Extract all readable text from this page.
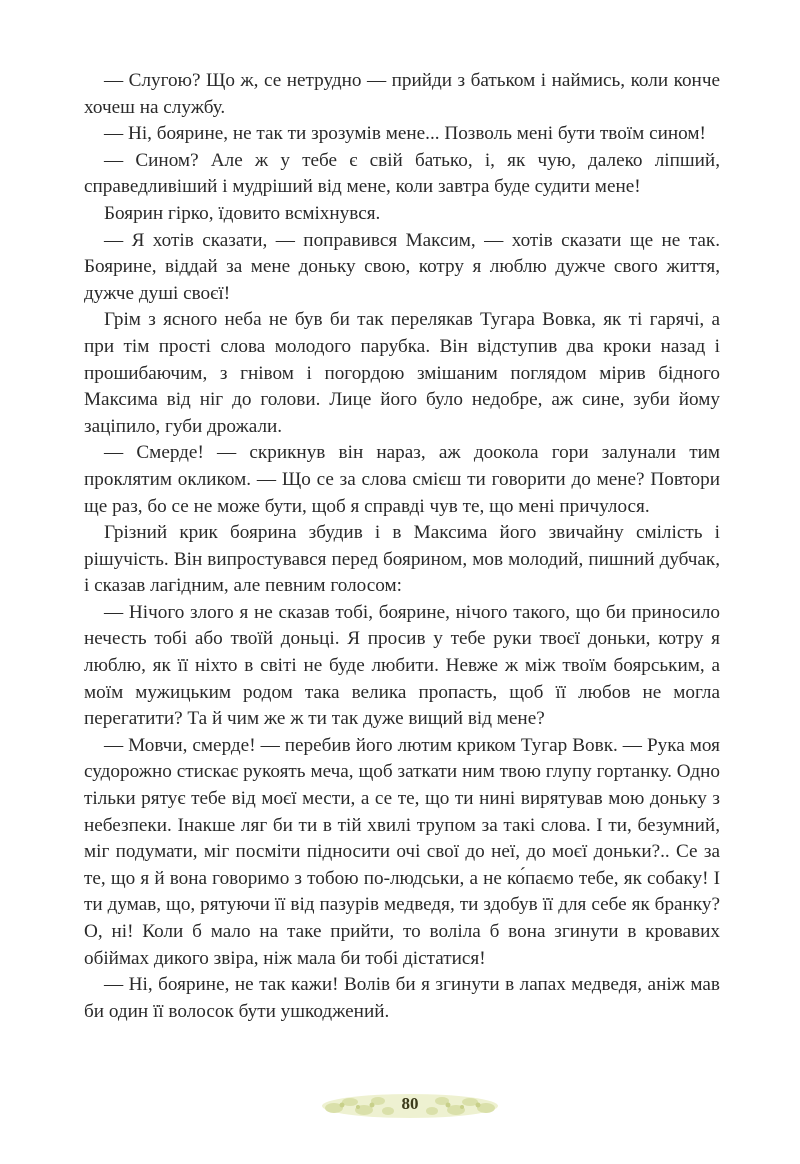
— Слугою? Що ж, се нетрудно — прийди з батьком і наймись, коли конче хочеш на службу.

— Ні, боярине, не так ти зрозумів мене... Позволь мені бути твоїм сином!

— Сином? Але ж у тебе є свій батько, і, як чую, далеко ліпший, справедливіший і мудріший від мене, коли завтра буде судити мене!

Боярин гірко, їдовито всміхнувся.

— Я хотів сказати, — поправився Максим, — хотів сказати ще не так. Боярине, віддай за мене доньку свою, котру я люблю дужче свого життя, дужче душі своєї!

Грім з ясного неба не був би так перелякав Тугара Вовка, як ті гарячі, а при тім прості слова молодого парубка. Він відступив два кроки назад і прошибаючим, з гнівом і погордою змішаним поглядом мірив бідного Максима від ніг до голови. Лице його було недобре, аж сине, зуби йому заціпило, губи дрожали.

— Смерде! — скрикнув він нараз, аж доокола гори залунали тим проклятим окликом. — Що се за слова смієш ти говорити до мене? Повтори ще раз, бо се не може бути, щоб я справді чув те, що мені причулося.

Грізний крик боярина збудив і в Максима його звичайну смілість і рішучість. Він випростувався перед боярином, мов молодий, пишний дубчак, і сказав лагідним, але певним голосом:

— Нічого злого я не сказав тобі, боярине, нічого такого, що би приносило нечесть тобі або твоїй доньці. Я просив у тебе руки твоєї доньки, котру я люблю, як її ніхто в світі не буде любити. Невже ж між твоїм боярським, а моїм мужицьким родом така велика пропасть, щоб її любов не могла перегатити? Та й чим же ж ти так дуже вищий від мене?

— Мовчи, смерде! — перебив його лютим криком Тугар Вовк. — Рука моя судорожно стискає рукоять меча, щоб заткати ним твою глупу гортанку. Одно тільки рятує тебе від моєї мести, а се те, що ти нині вирятував мою доньку з небезпеки. Інакше ляг би ти в тій хвилі трупом за такі слова. І ти, безумний, міг подумати, міг посміти підносити очі свої до неї, до моєї доньки?.. Се за те, що я й вона говоримо з тобою по-людськи, а не ко́паємо тебе, як собаку! І ти думав, що, рятуючи її від пазурів медведя, ти здобув її для себе як бранку? О, ні! Коли б мало на таке прийти, то воліла б вона згинути в кровавих обіймах дикого звіра, ніж мала би тобі дістатися!

— Ні, боярине, не так кажи! Волів би я згинути в лапах медведя, аніж мав би один її волосок бути ушкоджений.

80
